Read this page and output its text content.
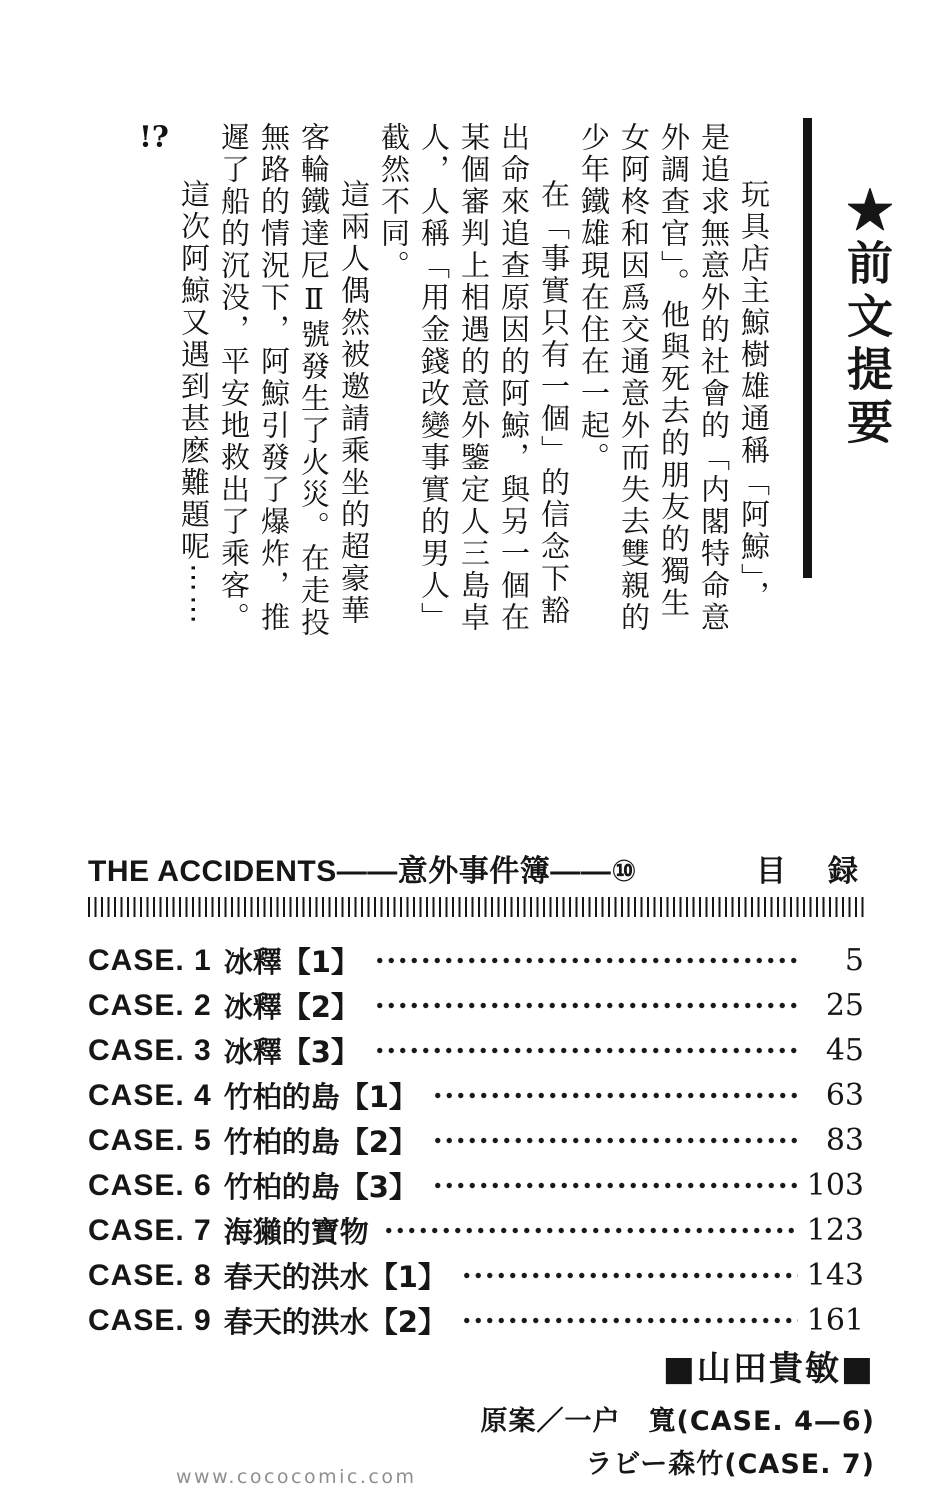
★前文提要
玩具店主鯨樹雄通稱「阿鯨」，
是追求無意外的社會的「内閣特命意
外調查官」。他與死去的朋友的獨生
女阿柊和因爲交通意外而失去雙親的
少年鐵雄現在住在一起。
在「事實只有一個」的信念下豁
出命來追查原因的阿鯨，與另一個在
某個審判上相遇的意外鑒定人三島卓
人，人稱「用金錢改變事實的男人」
截然不同。
這兩人偶然被邀請乘坐的超豪華
客輪鐵達尼Ⅱ號發生了火災。在走投
無路的情況下，阿鯨引發了爆炸，推
遲了船的沉没，平安地救出了乘客。
這次阿鯨又遇到甚麽難題呢⋯⋯
!?
THE ACCIDENTS——意外事件簿——⑩	目　録
CASE. 1 冰釋【1】	5
CASE. 2 冰釋【2】	25
CASE. 3 冰釋【3】	45
CASE. 4 竹柏的島【1】	63
CASE. 5 竹柏的島【2】	83
CASE. 6 竹柏的島【3】	103
CASE. 7 海獺的寶物	123
CASE. 8 春天的洪水【1】	143
CASE. 9 春天的洪水【2】	161
■山田貴敏■
原案／一户　寬(CASE. 4—6)
ラビー森竹(CASE. 7)
www.cococomic.com
